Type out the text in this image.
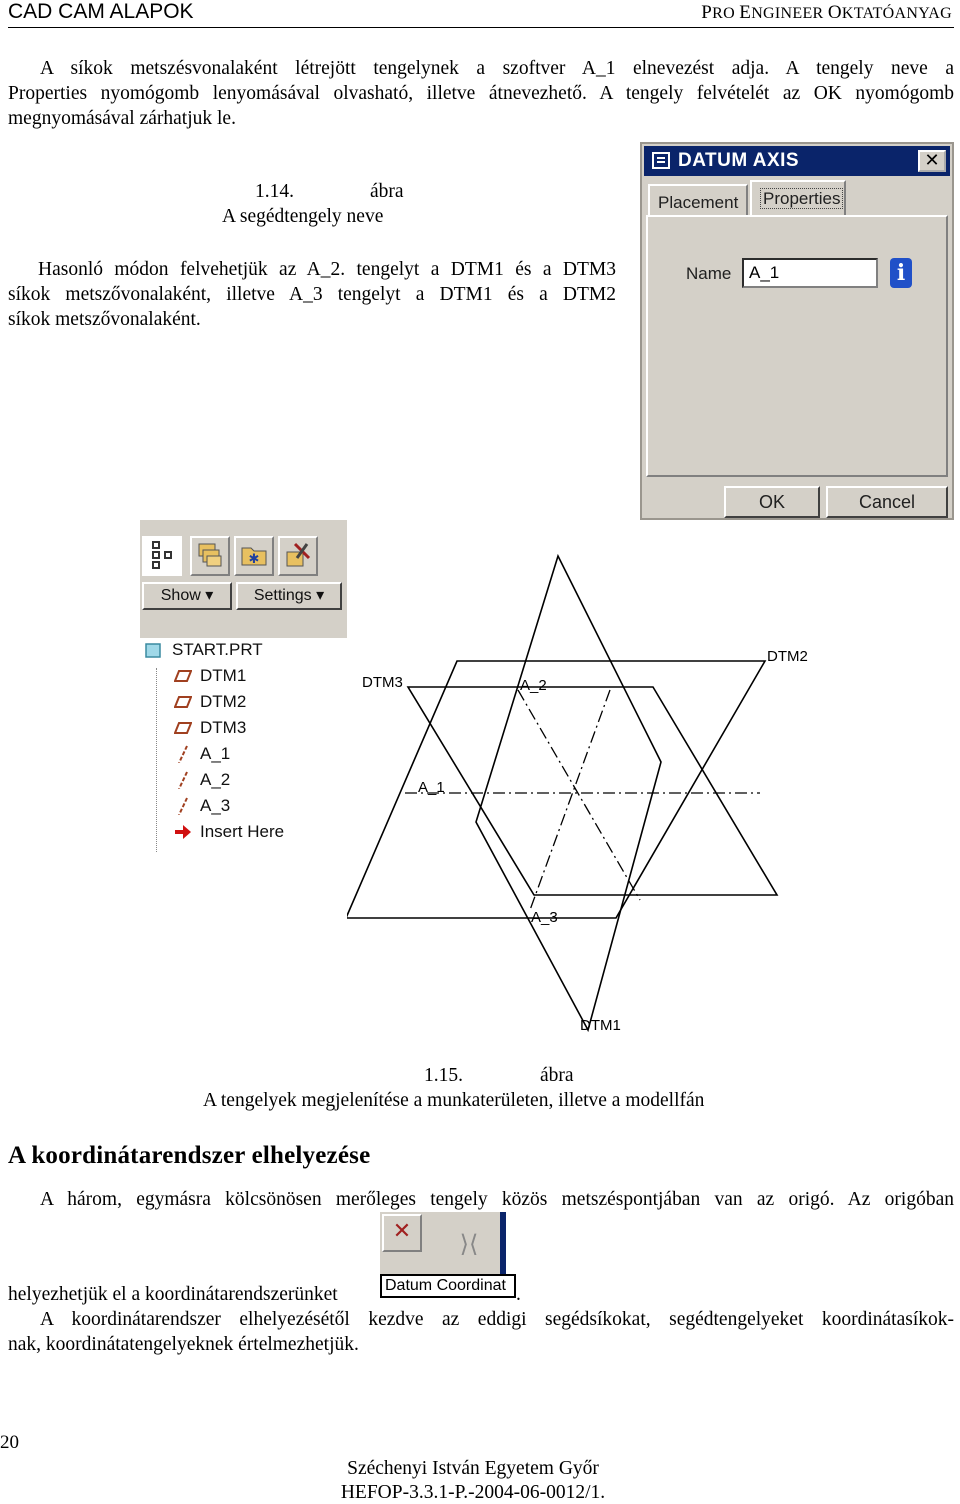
CAD CAM ALAPOK	PRO ENGINEER OKTATÓANYAG
A síkok metszésvonalaként létrejött tengelynek a szoftver A_1 elnevezést adja. A tengely neve a
Properties nyomógomb lenyomásával olvasható, illetve átnevezhető. A tengely felvételét az OK nyomógomb
megnyomásával zárhatjuk le.
1.14.	ábra
A segédtengely neve
Hasonló módon felvehetjük az A_2. tengelyt a DTM1 és a DTM3
síkok metszővonalaként, illetve A_3 tengelyt a DTM1 és a DTM2
síkok metszővonalaként.
DATUM AXIS	✕
Placement	Properties
Name	A_1	i
OK	Cancel
✱
Show ▾	Settings ▾
START.PRT
DTM1
DTM2
DTM3
A_1
A_2
A_3
Insert Here
DTM1
DTM2
DTM3
A_1
A_2
A_3
1.15.	ábra
A tengelyek megjelenítése a munkaterületen, illetve a modellfán
A koordinátarendszer elhelyezése
A három, egymásra kölcsönösen merőleges tengely közös metszéspontjában van az origó. Az origóban
✕	⟩⟨
helyezhetjük el a koordinátarendszerünket	Datum Coordinat .
A koordinátarendszer elhelyezésétől kezdve az eddigi segédsíkokat, segédtengelyeket koordinátasíkok-
nak, koordinátatengelyeknek értelmezhetjük.
20
Széchenyi István Egyetem Győr
HEFOP-3.3.1-P.-2004-06-0012/1.
